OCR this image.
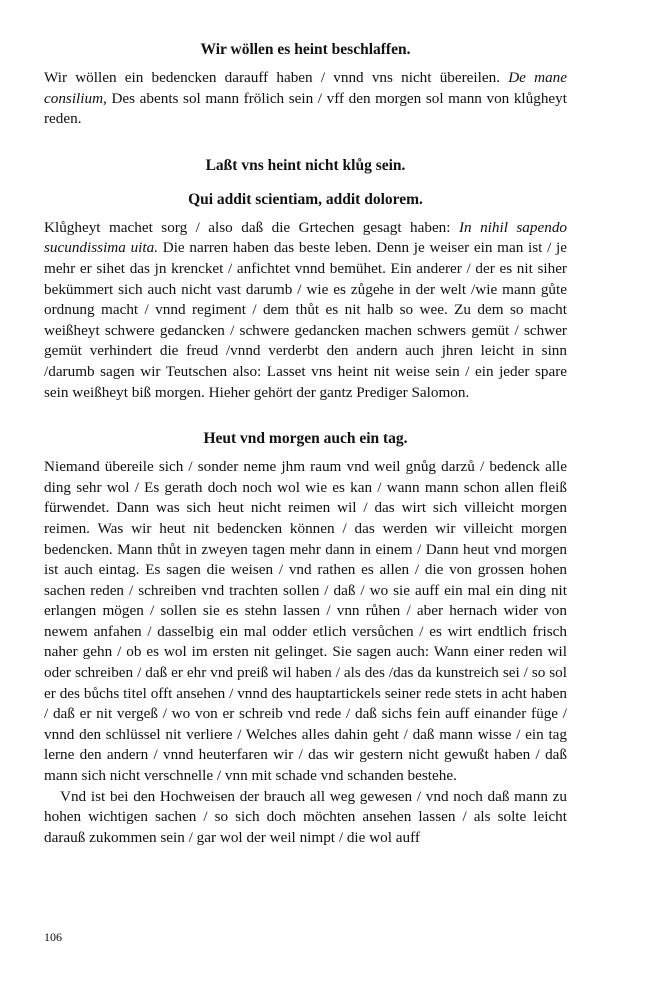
Wir wöllen es heint beschlaffen.

Wir wöllen ein bedencken darauff haben / vnnd vns nicht übereilen. De mane consilium, Des abents sol mann frölich sein / vff den morgen sol mann von klůgheyt reden.

Laßt vns heint nicht klůg sein.
Qui addit scientiam, addit dolorem.

Klůgheyt machet sorg / also daß die Grtechen gesagt haben: In nihil sapendo sucundissima uita. Die narren haben das beste leben. Denn je weiser ein man ist / je mehr er sihet das jn krencket / anfichtet vnnd bemühet. Ein anderer / der es nit siher bekümmert sich auch nicht vast darumb / wie es zůgehe in der welt /wie mann gůte ordnung macht / vnnd regiment / dem thůt es nit halb so wee. Zu dem so macht weißheyt schwere gedancken / schwere gedancken machen schwers gemüt / schwer gemüt verhindert die freud /vnnd verderbt den andern auch jhren leicht in sinn /darumb sagen wir Teutschen also: Lasset vns heint nit weise sein / ein jeder spare sein weißheyt biß morgen. Hieher gehört der gantz Prediger Salomon.

Heut vnd morgen auch ein tag.

Niemand übereile sich / sonder neme jhm raum vnd weil gnůg darzů / bedenck alle ding sehr wol / Es gerath doch noch wol wie es kan / wann mann schon allen fleiß fürwendet. Dann was sich heut nicht reimen wil / das wirt sich villeicht morgen reimen. Was wir heut nit bedencken können / das werden wir villeicht morgen bedencken. Mann thůt in zweyen tagen mehr dann in einem / Dann heut vnd morgen ist auch eintag. Es sagen die weisen / vnd rathen es allen / die von grossen hohen sachen reden / schreiben vnd trachten sollen / daß / wo sie auff ein mal ein ding nit erlangen mögen / sollen sie es stehn lassen / vnn růhen / aber hernach wider von newem anfahen / dasselbig ein mal odder etlich versůchen / es wirt endtlich frisch naher gehn / ob es wol im ersten nit gelinget. Sie sagen auch: Wann einer reden wil oder schreiben / daß er ehr vnd preiß wil haben / als des /das da kunstreich sei / so sol er des bůchs titel offt ansehen / vnnd des hauptartickels seiner rede stets in acht haben / daß er nit vergeß / wo von er schreib vnd rede / daß sichs fein auff einander füge / vnnd den schlüssel nit verliere / Welches alles dahin geht / daß mann wisse / ein tag lerne den andern / vnnd heuterfaren wir / das wir gestern nicht gewußt haben / daß mann sich nicht verschnelle / vnn mit schade vnd schanden bestehe.

Vnd ist bei den Hochweisen der brauch all weg gewesen / vnd noch daß mann zu hohen wichtigen sachen / so sich doch möchten ansehen lassen / als solte leicht darauß zukommen sein / gar wol der weil nimpt / die wol auff

106
